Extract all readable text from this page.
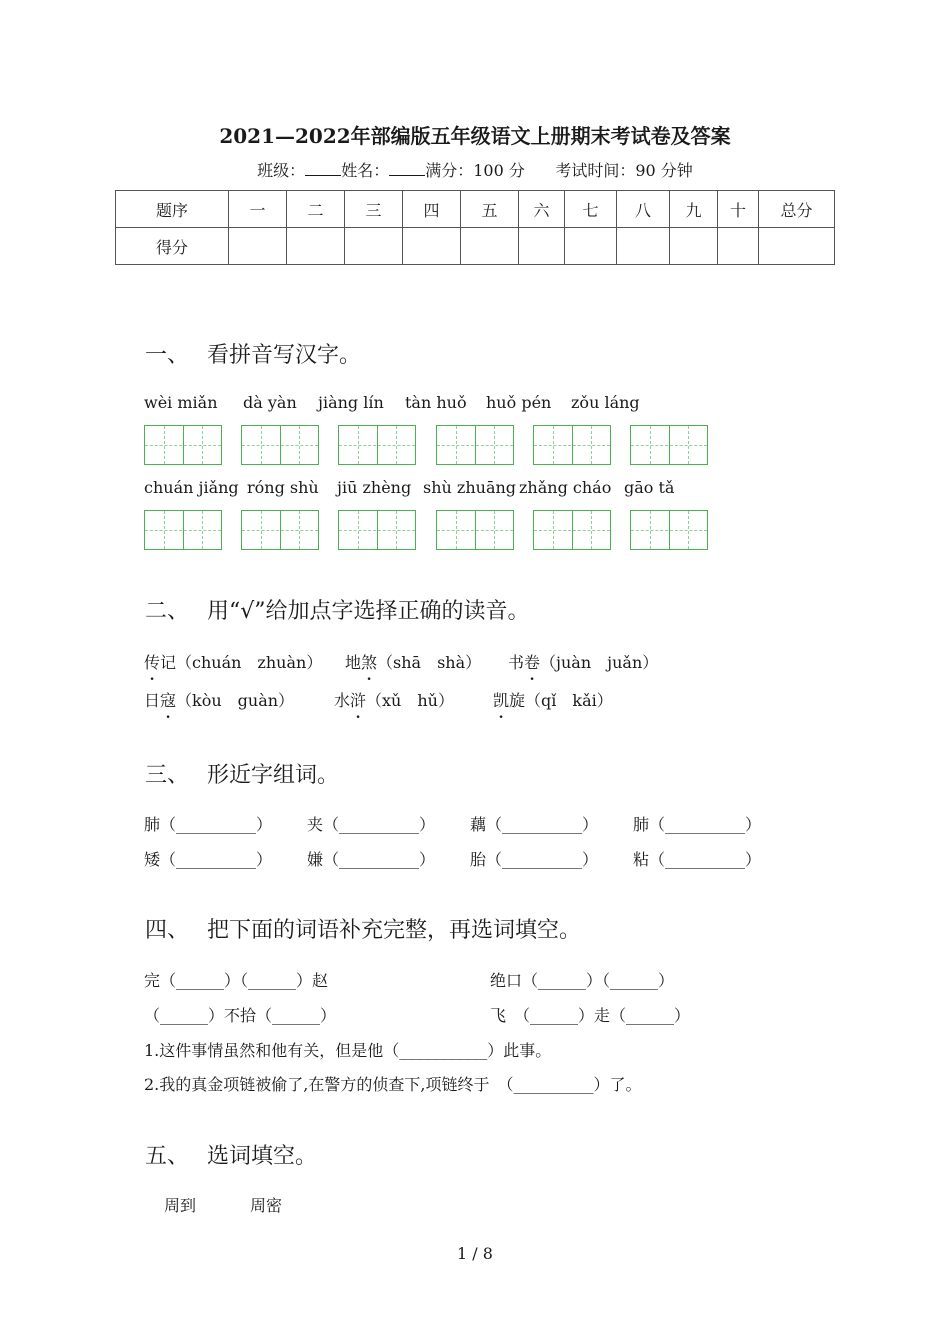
2021—2022年部编版五年级语文上册期末考试卷及答案
班级： 姓名： 满分：100 分 考试时间：90 分钟
题序	一	二	三	四	五	六	七	八	九	十	总分
得分											
一、 看拼音写汉字。
wèi miǎn dà yàn jiàng lín tàn huǒ huǒ pén zǒu láng
chuán jiǎng róng shù jiū zhèng shù zhuāng zhǎng cháo gāo tǎ
二、 用“√”给加点字选择正确的读音。
传记（chuán　zhuàn） 地煞（shā　shà） 书卷（juàn　juǎn）
日寇（kòu　guàn） 水浒（xǔ　hǔ） 凯旋（qǐ　kǎi）
三、 形近字组词。
肺（__________） 夹（__________） 藕（__________） 肺（__________）
矮（__________） 嫌（__________） 胎（__________） 粘（__________）
四、 把下面的词语补充完整，再选词填空。
完（______）（______）赵	绝口（______）（______）
（______）不拾（______）	飞　（______）走（______）
1.这件事情虽然和他有关，但是他（___________）此事。
2.我的真金项链被偷了,在警方的侦查下,项链终于　（__________）了。
五、 选词填空。
周到	周密
1 / 8
